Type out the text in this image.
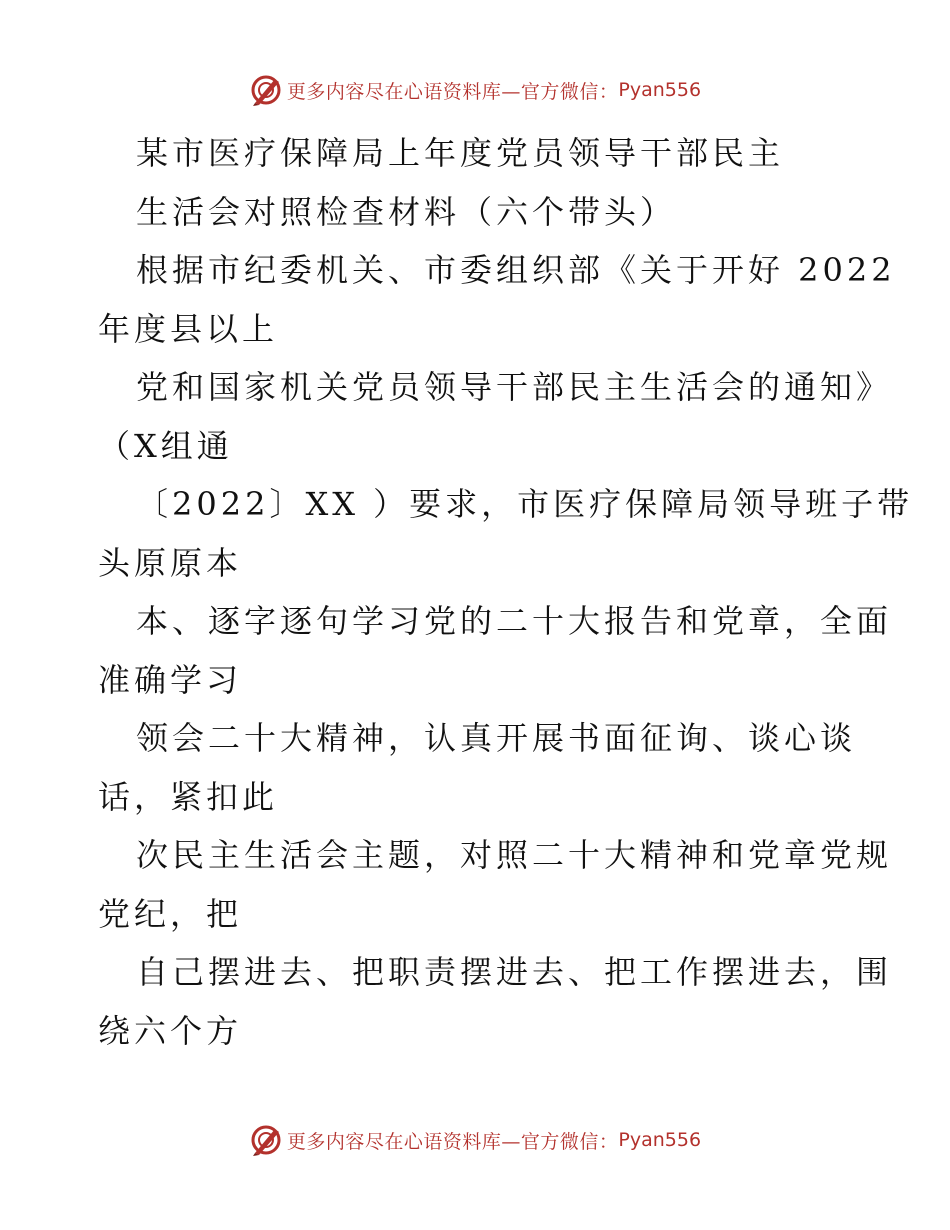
更多内容尽在心语资料库—官方微信： Pyan556
某市医疗保障局上年度党员领导干部民主
生活会对照检查材料（六个带头）
根据市纪委机关、市委组织部《关于开好 2022
年度县以上
党和国家机关党员领导干部民主生活会的通知》
（X组通
〔2022〕XX ）要求，市医疗保障局领导班子带
头原原本
本、逐字逐句学习党的二十大报告和党章，全面
准确学习
领会二十大精神，认真开展书面征询、谈心谈
话，紧扣此
次民主生活会主题，对照二十大精神和党章党规
党纪，把
自己摆进去、把职责摆进去、把工作摆进去，围
绕六个方
更多内容尽在心语资料库—官方微信： Pyan556
